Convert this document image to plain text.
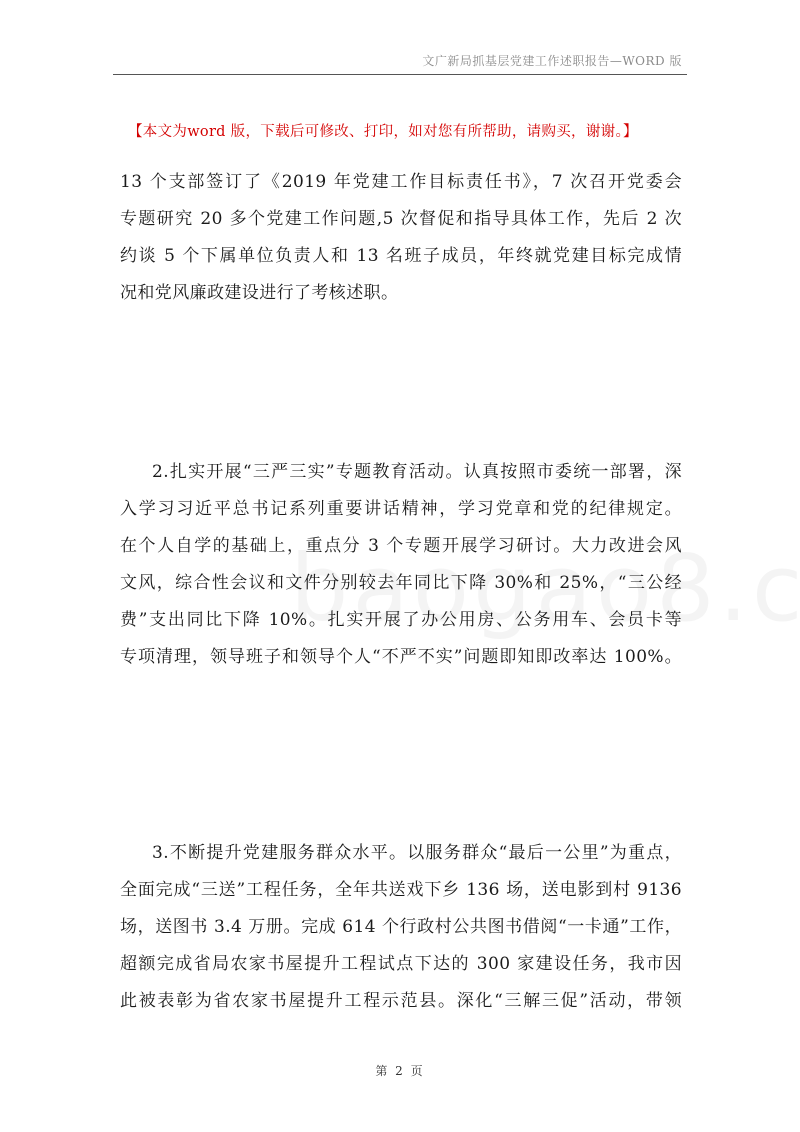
文广新局抓基层党建工作述职报告—WORD 版
【本文为word 版，下载后可修改、打印，如对您有所帮助，请购买，谢谢。】
13 个支部签订了《2019 年党建工作目标责任书》，7 次召开党委会
专题研究 20 多个党建工作问题,5 次督促和指导具体工作，先后 2 次
约谈 5 个下属单位负责人和 13 名班子成员，年终就党建目标完成情
况和党风廉政建设进行了考核述职。
2.扎实开展“三严三实”专题教育活动。认真按照市委统一部署，深
入学习习近平总书记系列重要讲话精神，学习党章和党的纪律规定。
在个人自学的基础上，重点分 3 个专题开展学习研讨。大力改进会风
文风，综合性会议和文件分别较去年同比下降 30%和 25%，“三公经
费”支出同比下降 10%。扎实开展了办公用房、公务用车、会员卡等
专项清理，领导班子和领导个人“不严不实”问题即知即改率达 100%。
3.不断提升党建服务群众水平。以服务群众“最后一公里”为重点，
全面完成“三送”工程任务，全年共送戏下乡 136 场，送电影到村 9136
场，送图书 3.4 万册。完成 614 个行政村公共图书借阅“一卡通”工作，
超额完成省局农家书屋提升工程试点下达的 300 家建设任务，我市因
此被表彰为省农家书屋提升工程示范县。深化“三解三促”活动，带领
第 2 页
